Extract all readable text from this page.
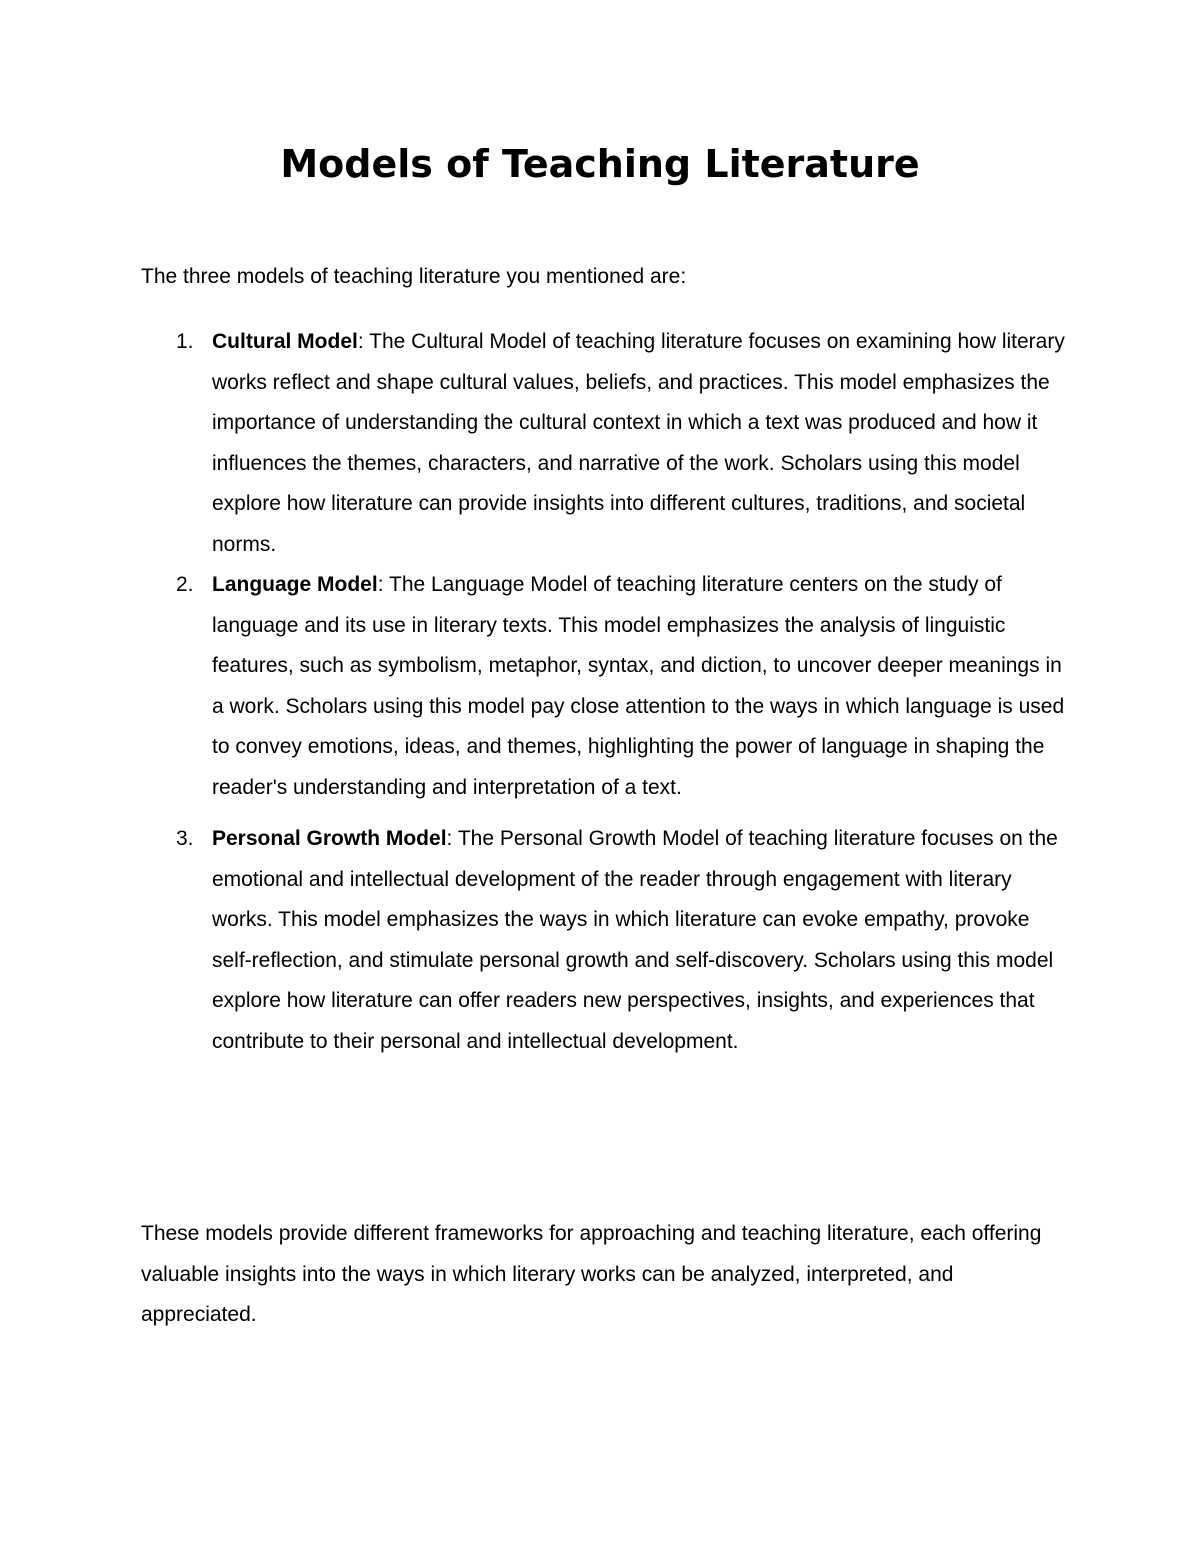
Models of Teaching Literature

The three models of teaching literature you mentioned are:

1. Cultural Model: The Cultural Model of teaching literature focuses on examining how literary works reflect and shape cultural values, beliefs, and practices. This model emphasizes the importance of understanding the cultural context in which a text was produced and how it influences the themes, characters, and narrative of the work. Scholars using this model explore how literature can provide insights into different cultures, traditions, and societal norms.
2. Language Model: The Language Model of teaching literature centers on the study of language and its use in literary texts. This model emphasizes the analysis of linguistic features, such as symbolism, metaphor, syntax, and diction, to uncover deeper meanings in a work. Scholars using this model pay close attention to the ways in which language is used to convey emotions, ideas, and themes, highlighting the power of language in shaping the reader's understanding and interpretation of a text.
3. Personal Growth Model: The Personal Growth Model of teaching literature focuses on the emotional and intellectual development of the reader through engagement with literary works. This model emphasizes the ways in which literature can evoke empathy, provoke self-reflection, and stimulate personal growth and self-discovery. Scholars using this model explore how literature can offer readers new perspectives, insights, and experiences that contribute to their personal and intellectual development.

These models provide different frameworks for approaching and teaching literature, each offering valuable insights into the ways in which literary works can be analyzed, interpreted, and appreciated.
